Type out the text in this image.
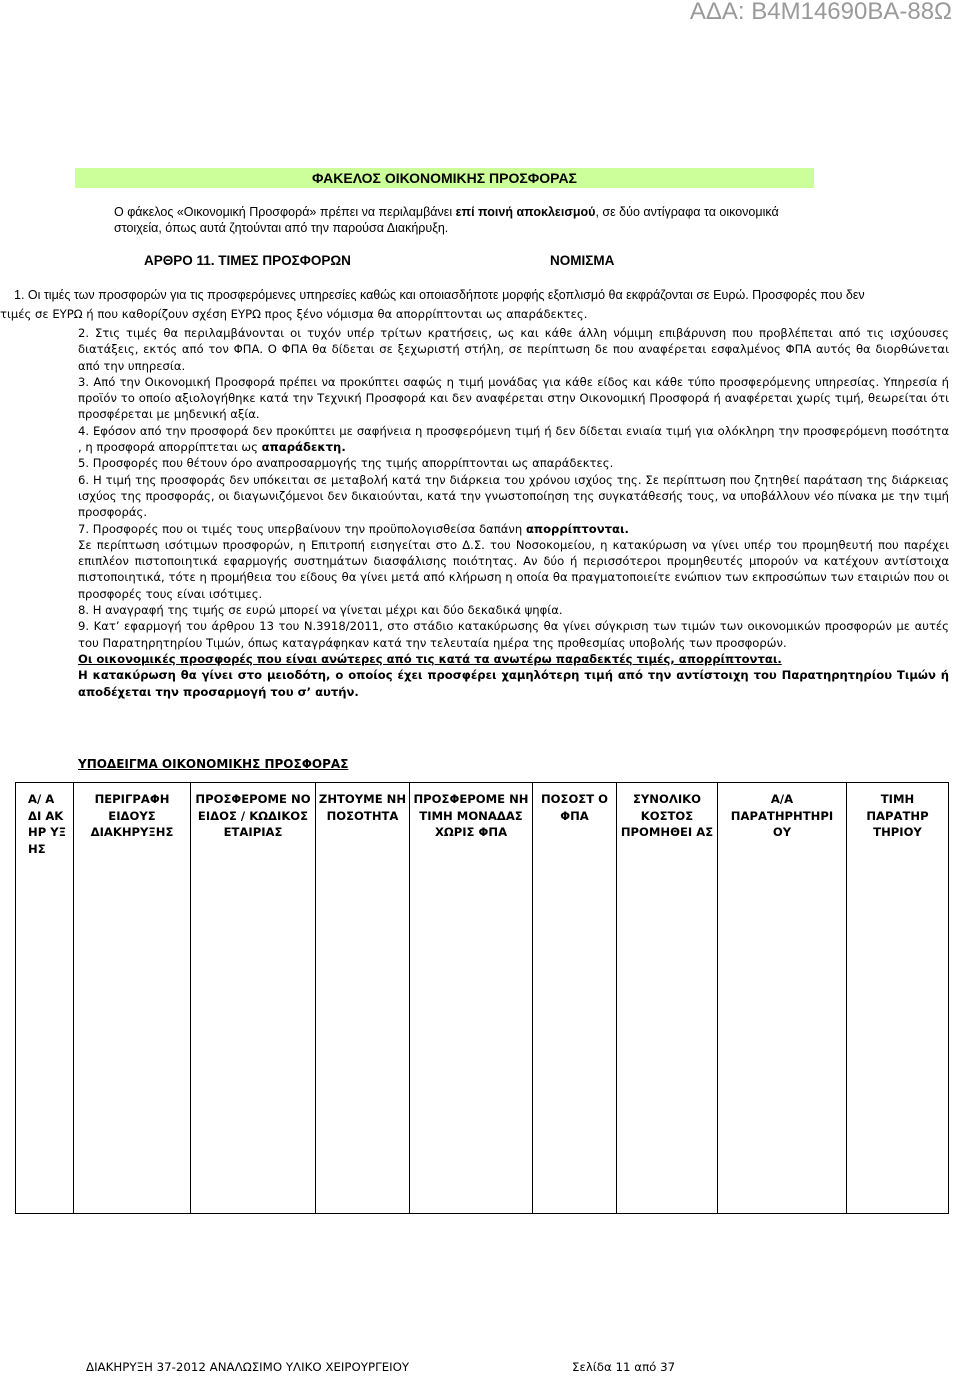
ΑΔΑ: Β4Μ14690ΒΑ-88Ω
ΦΑΚΕΛΟΣ ΟΙΚΟΝΟΜΙΚΗΣ ΠΡΟΣΦΟΡΑΣ
Ο φάκελος «Οικονομική Προσφορά» πρέπει να περιλαμβάνει επί ποινή αποκλεισμού, σε δύο αντίγραφα τα οικονομικά στοιχεία, όπως αυτά ζητούνται από την παρούσα Διακήρυξη.
ΑΡΘΡΟ 11. ΤΙΜΕΣ ΠΡΟΣΦΟΡΩΝ	ΝΟΜΙΣΜΑ
1. Οι τιμές των προσφορών για τις προσφερόμενες υπηρεσίες καθώς και οποιασδήποτε μορφής εξοπλισμό θα εκφράζονται σε Ευρώ. Προσφορές που δεν
τιμές σε ΕΥΡΩ ή που καθορίζουν σχέση ΕΥΡΩ προς ξένο νόμισμα θα απορρίπτονται ως απαράδεκτες.

2. Στις τιμές θα περιλαμβάνονται οι τυχόν υπέρ τρίτων κρατήσεις, ως και κάθε άλλη νόμιμη επιβάρυνση που προβλέπεται από τις ισχύουσες διατάξεις, εκτός από τον ΦΠΑ. Ο ΦΠΑ θα δίδεται σε ξεχωριστή στήλη, σε περίπτωση δε που αναφέρεται εσφαλμένος ΦΠΑ αυτός θα διορθώνεται από την υπηρεσία.

3. Από την Οικονομική Προσφορά πρέπει να προκύπτει σαφώς η τιμή μονάδας για κάθε είδος και κάθε τύπο προσφερόμενης υπηρεσίας. Υπηρεσία ή προϊόν το οποίο αξιολογήθηκε κατά την Τεχνική Προσφορά και δεν αναφέρεται στην Οικονομική Προσφορά ή αναφέρεται χωρίς τιμή, θεωρείται ότι προσφέρεται με μηδενική αξία.

4. Εφόσον από την προσφορά δεν προκύπτει με σαφήνεια η προσφερόμενη τιμή ή δεν δίδεται ενιαία τιμή για ολόκληρη την προσφερόμενη ποσότητα , η προσφορά απορρίπτεται ως απαράδεκτη.

5. Προσφορές που θέτουν όρο αναπροσαρμογής της τιμής απορρίπτονται ως απαράδεκτες.

6. Η τιμή της προσφοράς δεν υπόκειται σε μεταβολή κατά την διάρκεια του χρόνου ισχύος της. Σε περίπτωση που ζητηθεί παράταση της διάρκειας ισχύος της προσφοράς, οι διαγωνιζόμενοι δεν δικαιούνται, κατά την γνωστοποίηση της συγκατάθεσής τους, να υποβάλλουν νέο πίνακα με την τιμή προσφοράς.

7. Προσφορές που οι τιμές τους υπερβαίνουν την προϋπολογισθείσα δαπάνη απορρίπτονται.

Σε περίπτωση ισότιμων προσφορών, η Επιτροπή εισηγείται στο Δ.Σ. του Νοσοκομείου, η κατακύρωση να γίνει υπέρ του προμηθευτή που παρέχει επιπλέον πιστοποιητικά εφαρμογής συστημάτων διασφάλισης ποιότητας. Αν δύο ή περισσότεροι προμηθευτές μπορούν να κατέχουν αντίστοιχα πιστοποιητικά, τότε η προμήθεια του είδους θα γίνει μετά από κλήρωση η οποία θα πραγματοποιείτε ενώπιον των εκπροσώπων των εταιριών που οι προσφορές τους είναι ισότιμες.

8. Η αναγραφή της τιμής σε ευρώ μπορεί να γίνεται μέχρι και δύο δεκαδικά ψηφία.

9. Κατ’ εφαρμογή του άρθρου 13 του Ν.3918/2011, στο στάδιο κατακύρωσης θα γίνει σύγκριση των τιμών των οικονομικών προσφορών με αυτές του Παρατηρητηρίου Τιμών, όπως καταγράφηκαν κατά την τελευταία ημέρα της προθεσμίας υποβολής των προσφορών.

Οι οικονομικές προσφορές που είναι ανώτερες από τις κατά τα ανωτέρω παραδεκτές τιμές, απορρίπτονται.

Η κατακύρωση θα γίνει στο μειοδότη, ο οποίος έχει προσφέρει χαμηλότερη τιμή από την αντίστοιχη του Παρατηρητηρίου Τιμών ή αποδέχεται την προσαρμογή του σ’ αυτήν.

ΥΠΟΔΕΙΓΜΑ ΟΙΚΟΝΟΜΙΚΗΣ ΠΡΟΣΦΟΡΑΣ
Α/ Α ΔΙ ΑΚ ΗΡ ΥΞ ΗΣ	ΠΕΡΙΓΡΑΦΗ ΕΙΔΟΥΣ ΔΙΑΚΗΡΥΞΗΣ	ΠΡΟΣΦΕΡΟΜΕ ΝΟ ΕΙΔΟΣ / ΚΩΔΙΚΟΣ ΕΤΑΙΡΙΑΣ	ΖΗΤΟΥΜΕ ΝΗ ΠΟΣΟΤΗΤΑ	ΠΡΟΣΦΕΡΟΜΕ ΝΗ ΤΙΜΗ ΜΟΝΑΔΑΣ ΧΩΡΙΣ ΦΠΑ	ΠΟΣΟΣΤ Ο ΦΠΑ	ΣΥΝΟΛΙΚΟ ΚΟΣΤΟΣ ΠΡΟΜΗΘΕΙ ΑΣ	Α/Α ΠΑΡΑΤΗΡΗΤΗΡΙ ΟΥ	ΤΙΜΗ ΠΑΡΑΤΗΡ ΤΗΡΙΟΥ
ΔΙΑΚΗΡΥΞΗ 37-2012 ΑΝΑΛΩΣΙΜΟ ΥΛΙΚΟ ΧΕΙΡΟΥΡΓΕΙΟΥ	Σελίδα 11 από 37
